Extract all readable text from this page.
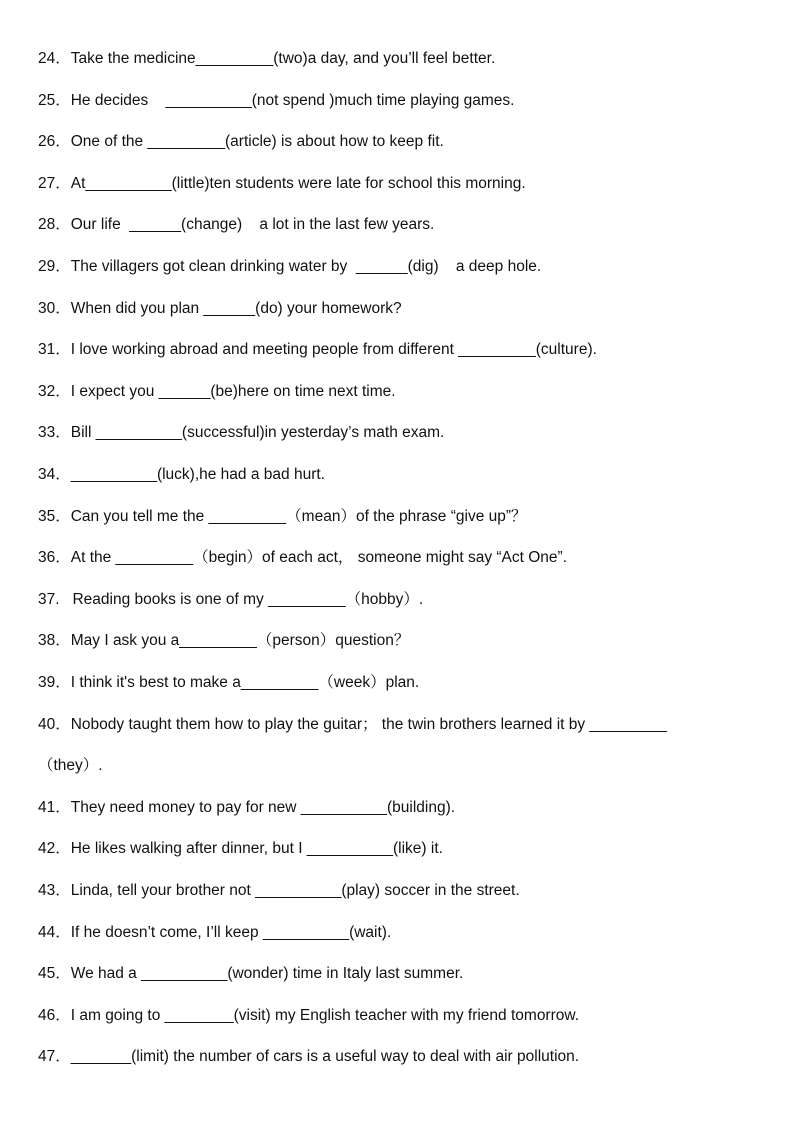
24．Take the medicine_________(two)a day, and you’ll feel better.
25．He decides    __________(not spend )much time playing games.
26．One of the _________(article) is about how to keep fit.
27．At__________(little)ten students were late for school this morning.
28．Our life  ______(change)    a lot in the last few years.
29．The villagers got clean drinking water by  ______(dig)    a deep hole.
30．When did you plan ______(do) your homework?
31．I love working abroad and meeting people from different _________(culture).
32．I expect you ______(be)here on time next time.
33．Bill __________(successful)in yesterday’s math exam.
34．__________(luck),he had a bad hurt.
35．Can you tell me the _________（mean）of the phrase “give up”？
36．At the _________（begin）of each act， someone might say “Act One”.
37.   Reading books is one of my _________（hobby）.
38．May I ask you a_________（person）question？
39．I think it's best to make a_________（week）plan.
40．Nobody taught them how to play the guitar； the twin brothers learned it by _________
（they）.
41．They need money to pay for new __________(building).
42．He likes walking after dinner, but I __________(like) it.
43．Linda, tell your brother not __________(play) soccer in the street.
44．If he doesn’t come, I’ll keep __________(wait).
45．We had a __________(wonder) time in Italy last summer.
46．I am going to ________(visit) my English teacher with my friend tomorrow.
47．_______(limit) the number of cars is a useful way to deal with air pollution.
